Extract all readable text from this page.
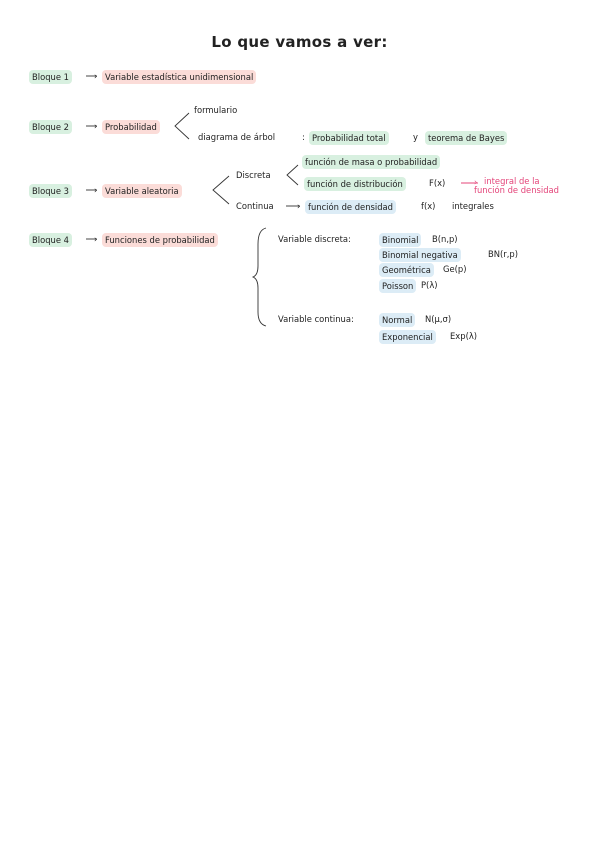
Lo que vamos a ver:
›
›
›
›
›
›
Bloque 1	Variable estadística unidimensional
Bloque 2	Probabilidad
formulario
diagrama de árbol	: Probabilidad total	y	teorema de Bayes
Bloque 3	Variable aleatoria
Discreta
Continua
función de masa o probabilidad
función de distribución	F(x)	integral de la
función de densidad
función de densidad	f(x) integrales
Bloque 4	Funciones de probabilidad	Variable discreta:	Binomial	B(n,p)
Binomial negativa	BN(r,p)
Geométrica	Ge(p)
Poisson P(λ)
Variable continua:	Normal	N(μ,σ)
Exponencial	Exp(λ)
